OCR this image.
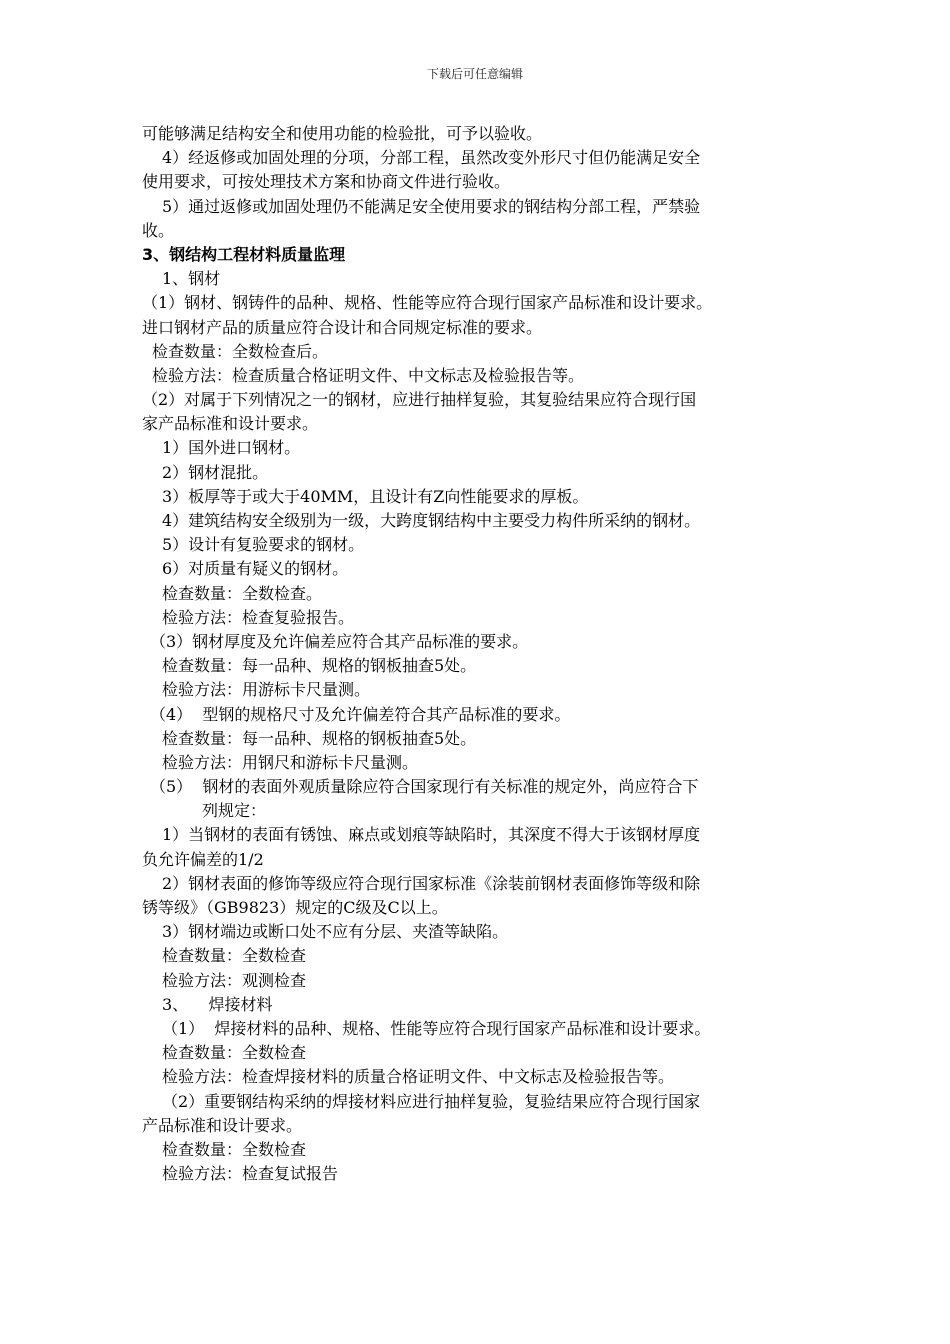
下载后可任意编辑
可能够满足结构安全和使用功能的检验批，可予以验收。
4）经返修或加固处理的分项，分部工程，虽然改变外形尺寸但仍能满足安全
使用要求，可按处理技术方案和协商文件进行验收。
5）通过返修或加固处理仍不能满足安全使用要求的钢结构分部工程，严禁验
收。
3、钢结构工程材料质量监理
1、钢材
（1）钢材、钢铸件的品种、规格、性能等应符合现行国家产品标准和设计要求。
进口钢材产品的质量应符合设计和合同规定标准的要求。
检查数量：全数检查后。
检验方法：检查质量合格证明文件、中文标志及检验报告等。
（2）对属于下列情况之一的钢材，应进行抽样复验，其复验结果应符合现行国
家产品标准和设计要求。
1）国外进口钢材。
2）钢材混批。
3）板厚等于或大于40MM，且设计有Z向性能要求的厚板。
4）建筑结构安全级别为一级，大跨度钢结构中主要受力构件所采纳的钢材。
5）设计有复验要求的钢材。
6）对质量有疑义的钢材。
检查数量：全数检查。
检验方法：检查复验报告。
（3）钢材厚度及允许偏差应符合其产品标准的要求。
检查数量：每一品种、规格的钢板抽查5处。
检验方法：用游标卡尺量测。
（4）  型钢的规格尺寸及允许偏差符合其产品标准的要求。
检查数量：每一品种、规格的钢板抽查5处。
检验方法：用钢尺和游标卡尺量测。
（5）  钢材的表面外观质量除应符合国家现行有关标准的规定外，尚应符合下
列规定：
1）当钢材的表面有锈蚀、麻点或划痕等缺陷时，其深度不得大于该钢材厚度
负允许偏差的1/2
2）钢材表面的修饰等级应符合现行国家标准《涂装前钢材表面修饰等级和除
锈等级》（GB9823）规定的C级及C以上。
3）钢材端边或断口处不应有分层、夹渣等缺陷。
检查数量：全数检查
检验方法：观测检查
3、    焊接材料
（1）  焊接材料的品种、规格、性能等应符合现行国家产品标准和设计要求。
检查数量：全数检查
检验方法：检查焊接材料的质量合格证明文件、中文标志及检验报告等。
（2）重要钢结构采纳的焊接材料应进行抽样复验，复验结果应符合现行国家
产品标准和设计要求。
检查数量：全数检查
检验方法：检查复试报告
